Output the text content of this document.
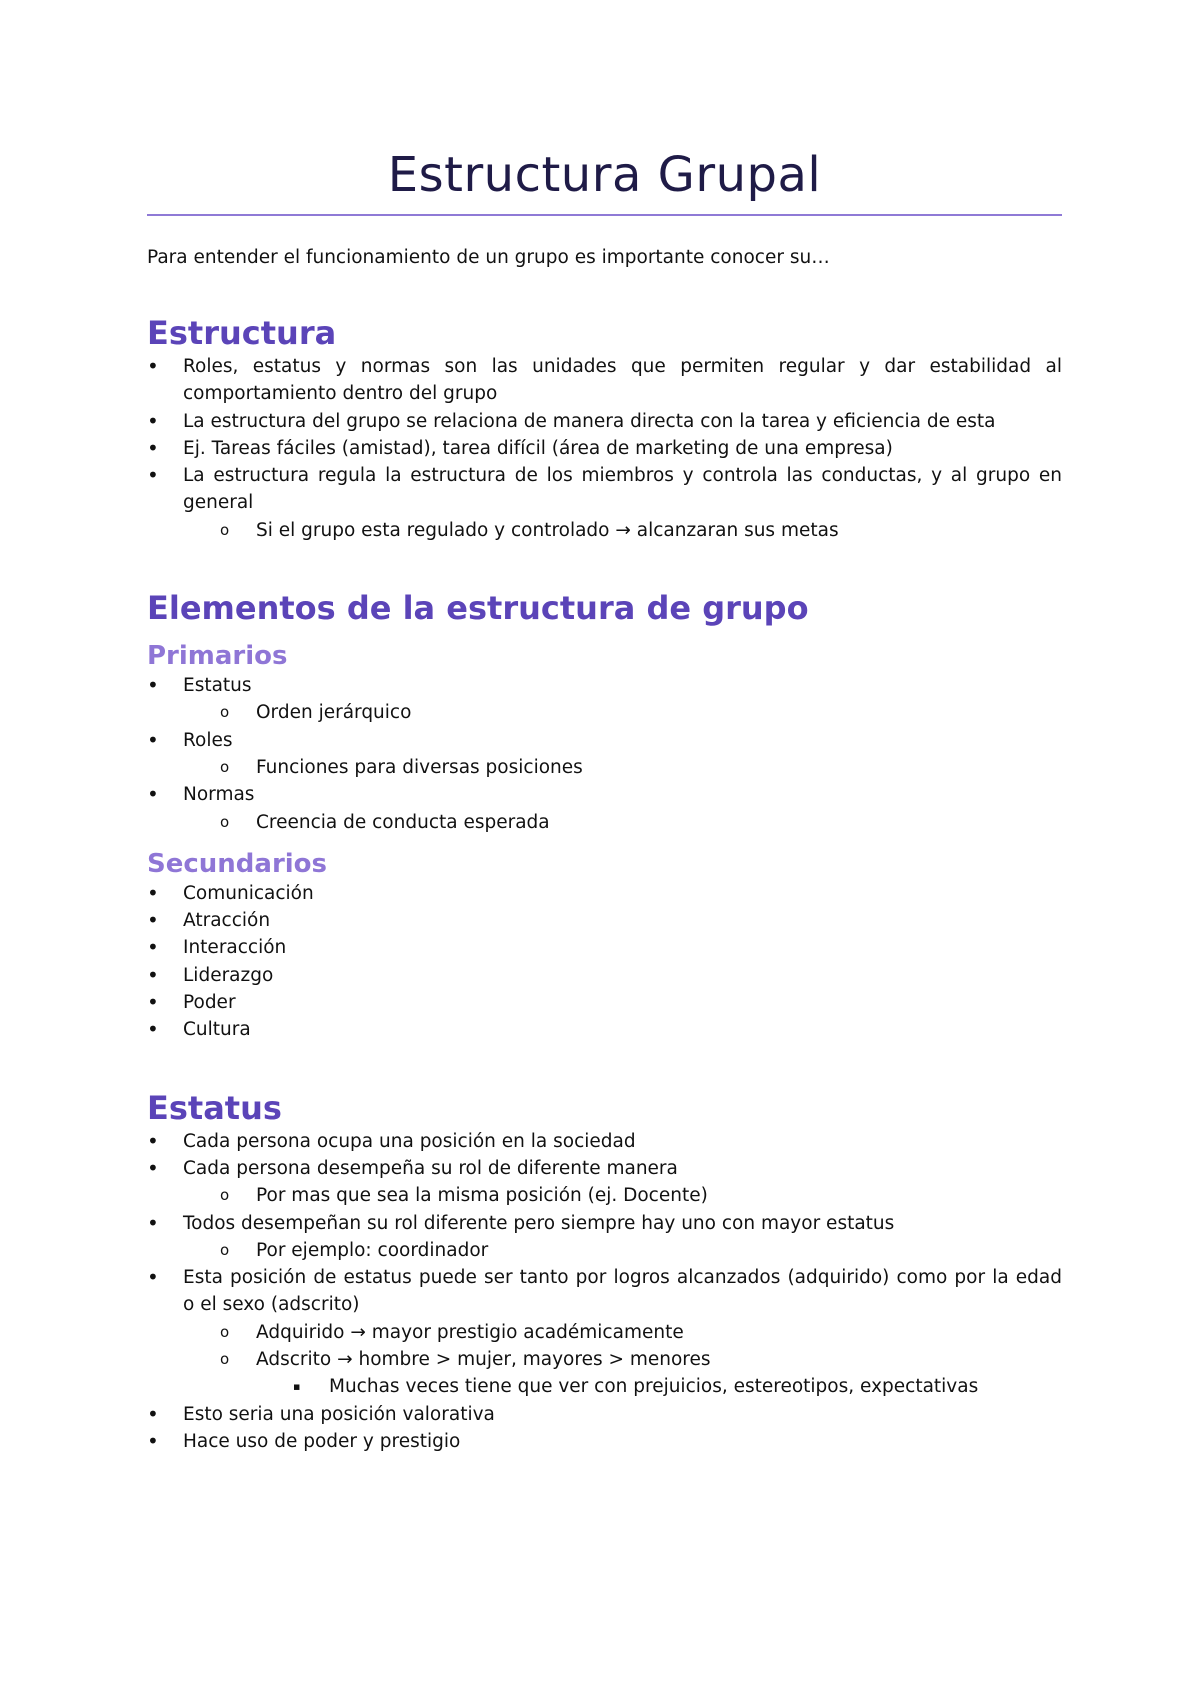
Estructura Grupal

Para entender el funcionamiento de un grupo es importante conocer su…

Estructura
• Roles, estatus y normas son las unidades que permiten regular y dar estabilidad al
comportamiento dentro del grupo
• La estructura del grupo se relaciona de manera directa con la tarea y eficiencia de esta
• Ej. Tareas fáciles (amistad), tarea difícil (área de marketing de una empresa)
• La estructura regula la estructura de los miembros y controla las conductas, y al grupo en
general
o Si el grupo esta regulado y controlado → alcanzaran sus metas
Elementos de la estructura de grupo
Primarios
• Estatus
o Orden jerárquico
• Roles
o Funciones para diversas posiciones
• Normas
o Creencia de conducta esperada
Secundarios
• Comunicación
• Atracción
• Interacción
• Liderazgo
• Poder
• Cultura
Estatus
• Cada persona ocupa una posición en la sociedad
• Cada persona desempeña su rol de diferente manera
o Por mas que sea la misma posición (ej. Docente)
• Todos desempeñan su rol diferente pero siempre hay uno con mayor estatus
o Por ejemplo: coordinador
• Esta posición de estatus puede ser tanto por logros alcanzados (adquirido) como por la edad
o el sexo (adscrito)
o Adquirido → mayor prestigio académicamente
o Adscrito → hombre > mujer, mayores > menores
▪ Muchas veces tiene que ver con prejuicios, estereotipos, expectativas
• Esto seria una posición valorativa
• Hace uso de poder y prestigio
